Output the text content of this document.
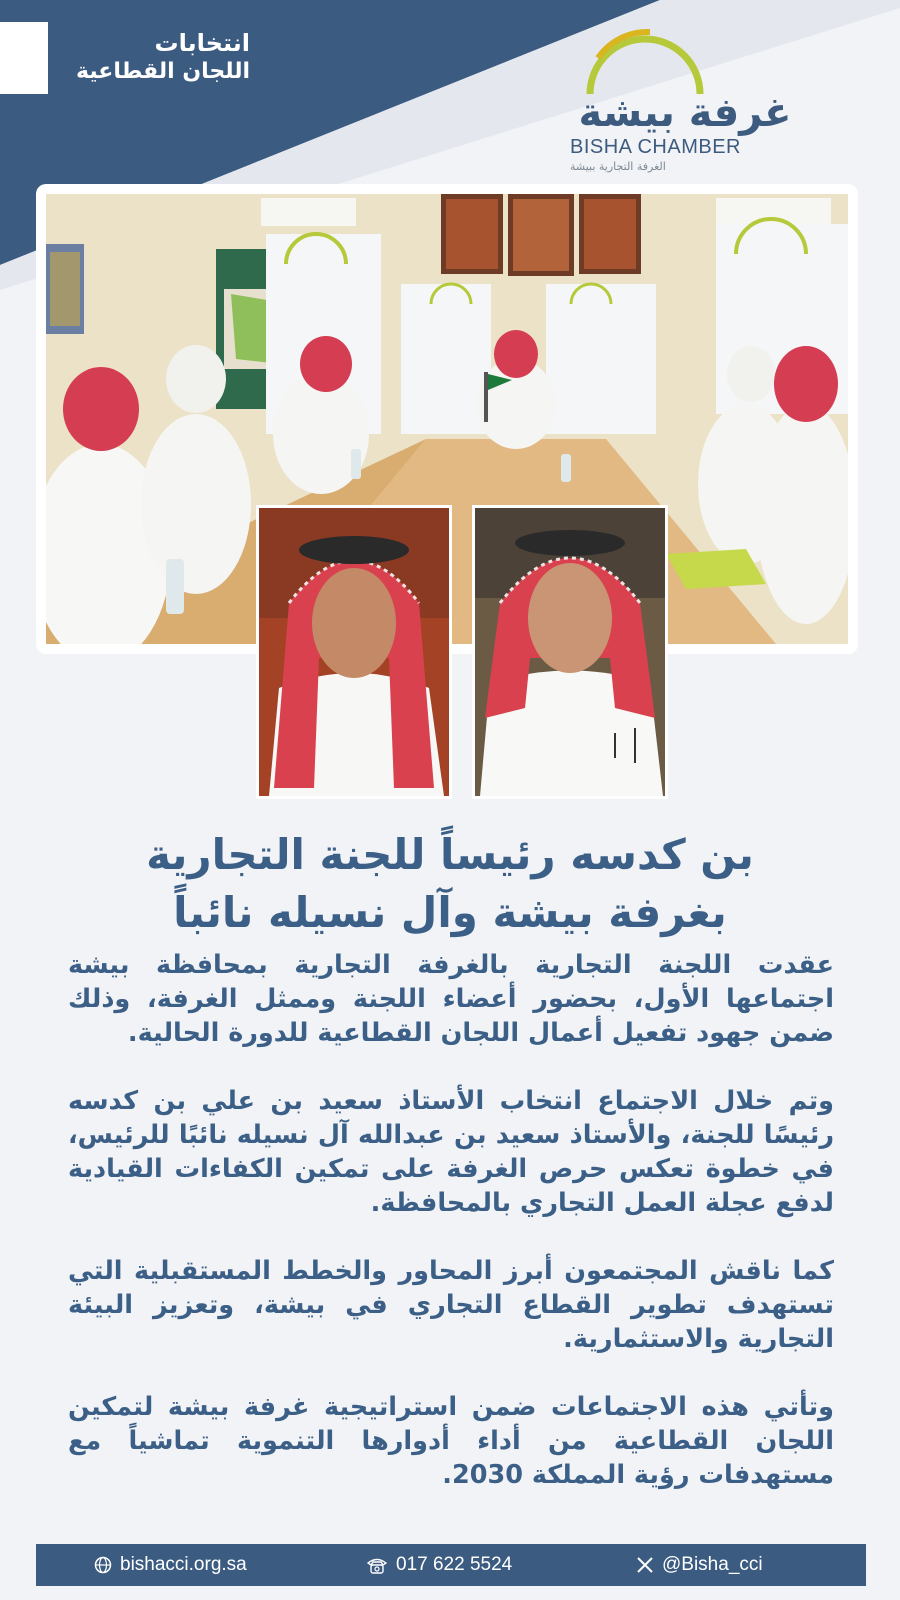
انتخابات
اللجان القطاعية
غرفة بيشة
BISHA CHAMBER
الغرفة التجارية ببيشة
بن كدسه رئيساً للجنة التجارية
بغرفة بيشة وآل نسيله نائباً

عقدت اللجنة التجارية بالغرفة التجارية بمحافظة بيشة اجتماعها الأول، بحضور أعضاء اللجنة وممثل الغرفة، وذلك ضمن جهود تفعيل أعمال اللجان القطاعية للدورة الحالية.

وتم خلال الاجتماع انتخاب الأستاذ سعيد بن علي بن كدسه رئيسًا للجنة، والأستاذ سعيد بن عبدالله آل نسيله نائبًا للرئيس، في خطوة تعكس حرص الغرفة على تمكين الكفاءات القيادية لدفع عجلة العمل التجاري بالمحافظة.

كما ناقش المجتمعون أبرز المحاور والخطط المستقبلية التي تستهدف تطوير القطاع التجاري في بيشة، وتعزيز البيئة التجارية والاستثمارية.

وتأتي هذه الاجتماعات ضمن استراتيجية غرفة بيشة لتمكين اللجان القطاعية من أداء أدوارها التنموية تماشياً مع مستهدفات رؤية المملكة 2030.

bishacci.org.sa	017 622 5524	@Bisha_cci
